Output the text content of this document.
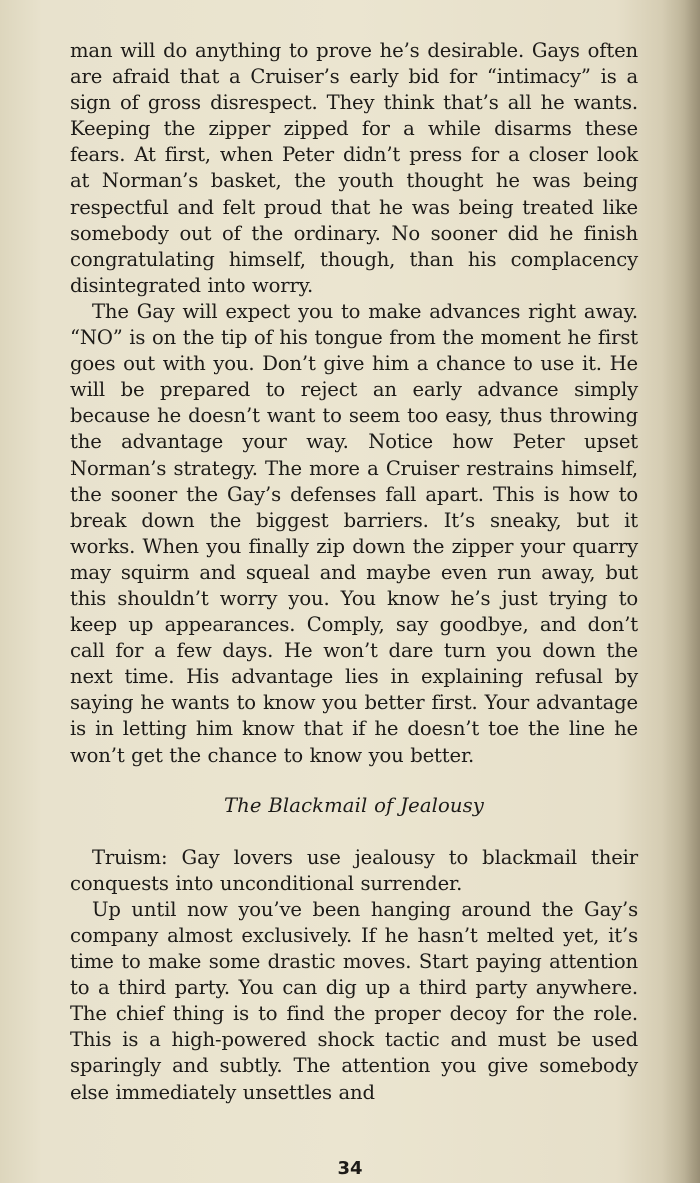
man will do anything to prove he’s desirable. Gays often are afraid that a Cruiser’s early bid for “intimacy” is a sign of gross disrespect. They think that’s all he wants. Keeping the zipper zipped for a while disarms these fears. At first, when Peter didn’t press for a closer look at Norman’s basket, the youth thought he was being respectful and felt proud that he was being treated like somebody out of the ordinary. No sooner did he finish congratulating himself, though, than his complacency disintegrated into worry.

The Gay will expect you to make advances right away. “NO” is on the tip of his tongue from the moment he first goes out with you. Don’t give him a chance to use it. He will be prepared to reject an early advance simply because he doesn’t want to seem too easy, thus throwing the advantage your way. Notice how Peter upset Norman’s strategy. The more a Cruiser restrains himself, the sooner the Gay’s defenses fall apart. This is how to break down the biggest barriers. It’s sneaky, but it works. When you finally zip down the zipper your quarry may squirm and squeal and maybe even run away, but this shouldn’t worry you. You know he’s just trying to keep up appearances. Comply, say goodbye, and don’t call for a few days. He won’t dare turn you down the next time. His advantage lies in explaining refusal by saying he wants to know you better first. Your advantage is in letting him know that if he doesn’t toe the line he won’t get the chance to know you better.

The Blackmail of Jealousy

Truism: Gay lovers use jealousy to blackmail their conquests into unconditional surrender.

Up until now you’ve been hanging around the Gay’s company almost exclusively. If he hasn’t melted yet, it’s time to make some drastic moves. Start paying attention to a third party. You can dig up a third party anywhere. The chief thing is to find the proper decoy for the role. This is a high-powered shock tactic and must be used sparingly and subtly. The attention you give somebody else immediately unsettles and

34
